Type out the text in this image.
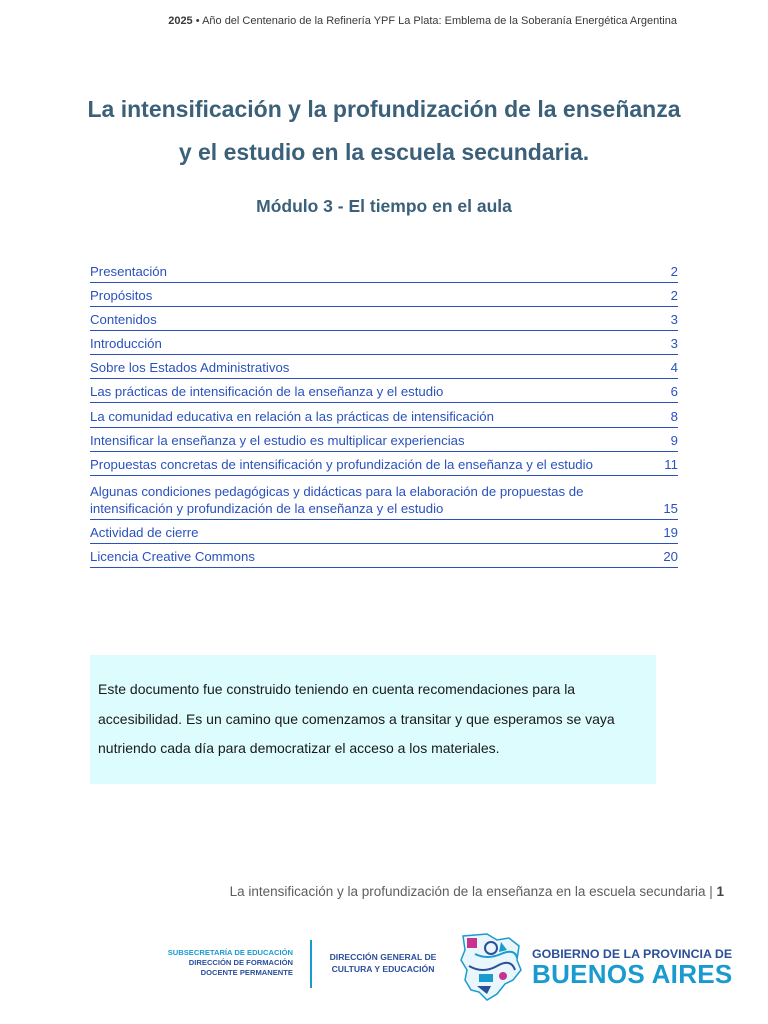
2025 • Año del Centenario de la Refinería YPF La Plata: Emblema de la Soberanía Energética Argentina
La intensificación y la profundización de la enseñanza
y el estudio en la escuela secundaria.
Módulo 3 - El tiempo en el aula
Presentación	2
Propósitos	2
Contenidos	3
Introducción	3
Sobre los Estados Administrativos	4
Las prácticas de intensificación de la enseñanza y el estudio	6
La comunidad educativa en relación a las prácticas de intensificación	8
Intensificar la enseñanza y el estudio es multiplicar experiencias	9
Propuestas concretas de intensificación y profundización de la enseñanza y el estudio	11
Algunas condiciones pedagógicas y didácticas para la elaboración de propuestas de intensificación y profundización de la enseñanza y el estudio	15
Actividad de cierre	19
Licencia Creative Commons	20
Este documento fue construido teniendo en cuenta recomendaciones para la
accesibilidad. Es un camino que comenzamos a transitar y que esperamos se vaya
nutriendo cada día para democratizar el acceso a los materiales.
La intensificación y la profundización de la enseñanza en la escuela secundaria | 1
SUBSECRETARÍA DE EDUCACIÓN
DIRECCIÓN DE FORMACIÓN
DOCENTE PERMANENTE
DIRECCIÓN GENERAL DE
CULTURA Y EDUCACIÓN
GOBIERNO DE LA PROVINCIA DE
BUENOS AIRES
